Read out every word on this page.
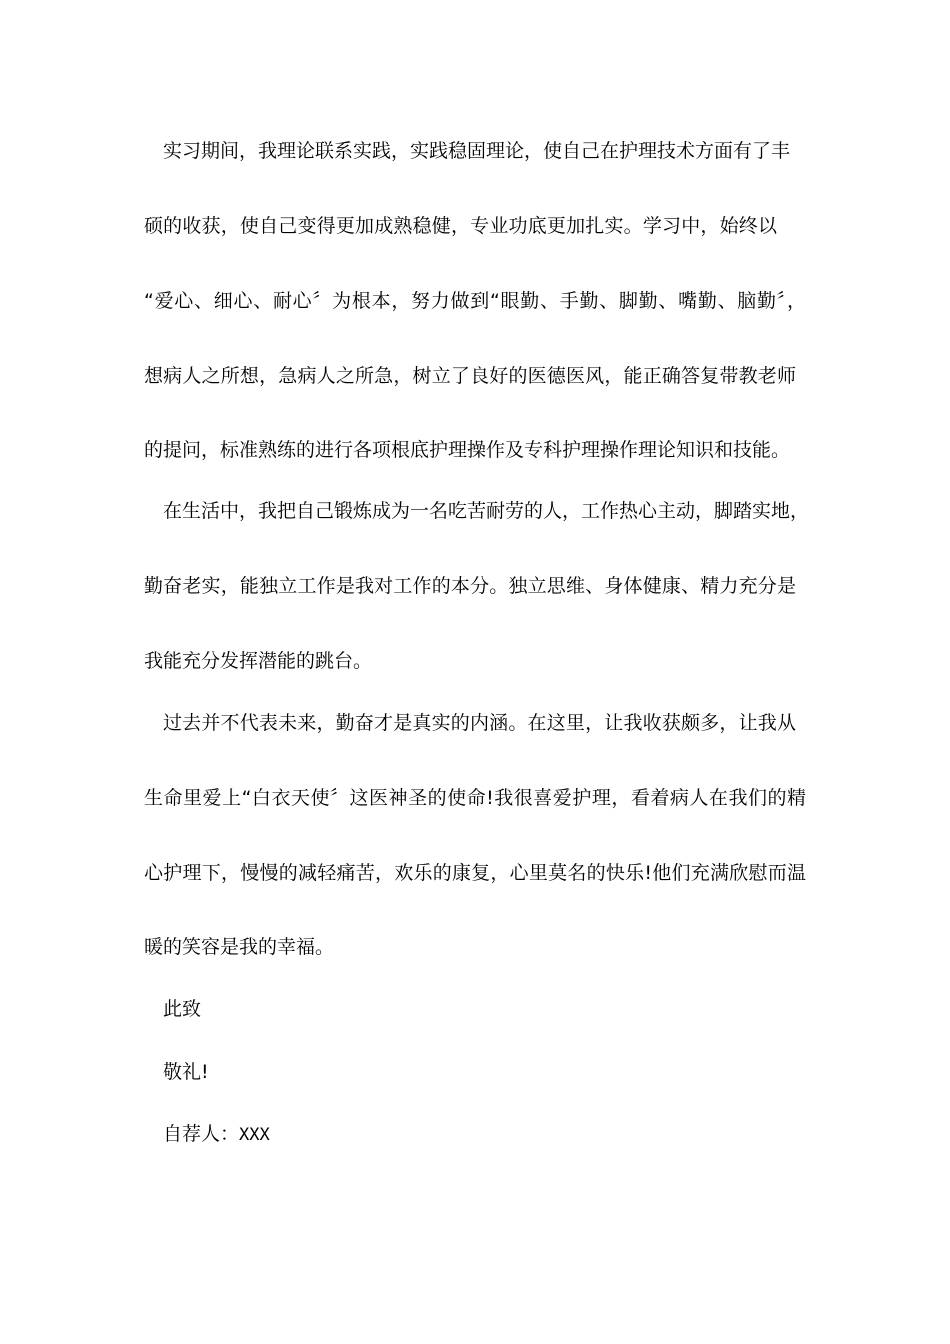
实习期间，我理论联系实践，实践稳固理论，使自己在护理技术方面有了丰
硕的收获，使自己变得更加成熟稳健，专业功底更加扎实。学习中，始终以
“爱心、细心、耐心〞为根本，努力做到“眼勤、手勤、脚勤、嘴勤、脑勤〞，
想病人之所想，急病人之所急，树立了良好的医德医风，能正确答复带教老师
的提问，标准熟练的进行各项根底护理操作及专科护理操作理论知识和技能。
在生活中，我把自己锻炼成为一名吃苦耐劳的人，工作热心主动，脚踏实地，
勤奋老实，能独立工作是我对工作的本分。独立思维、身体健康、精力充分是
我能充分发挥潜能的跳台。
过去并不代表未来，勤奋才是真实的内涵。在这里，让我收获颇多，让我从
生命里爱上“白衣天使〞这医神圣的使命!我很喜爱护理，看着病人在我们的精
心护理下，慢慢的减轻痛苦，欢乐的康复，心里莫名的快乐!他们充满欣慰而温
暖的笑容是我的幸福。
此致
敬礼!
自荐人：XXX
